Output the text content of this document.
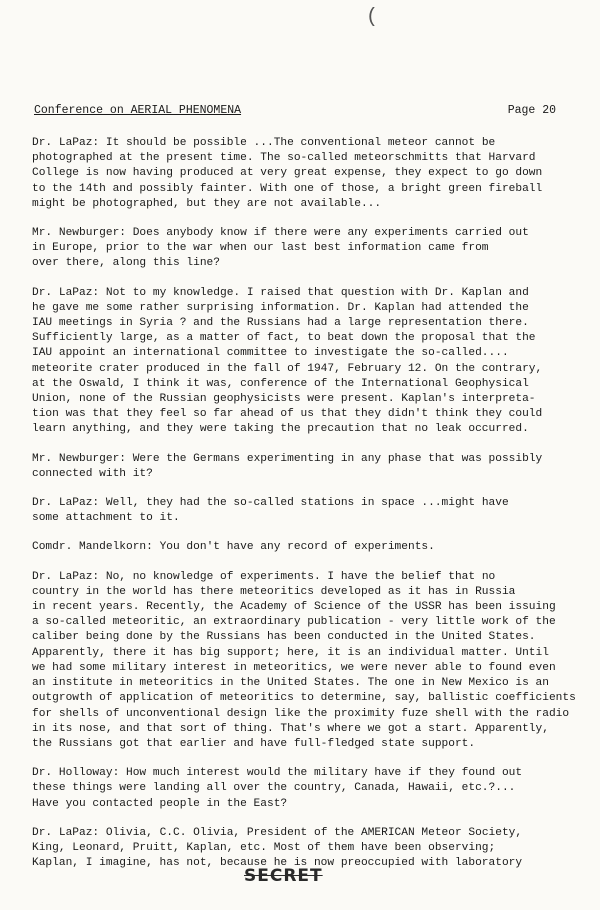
(
Conference on AERIAL PHENOMENA	Page 20
Dr. LaPaz: It should be possible ...The conventional meteor cannot be
photographed at the present time. The so-called meteorschmitts that Harvard
College is now having produced at very great expense, they expect to go down
to the 14th and possibly fainter. With one of those, a bright green fireball
might be photographed, but they are not available...
Mr. Newburger: Does anybody know if there were any experiments carried out
in Europe, prior to the war when our last best information came from
over there, along this line?
Dr. LaPaz: Not to my knowledge. I raised that question with Dr. Kaplan and
he gave me some rather surprising information. Dr. Kaplan had attended the
IAU meetings in Syria ? and the Russians had a large representation there.
Sufficiently large, as a matter of fact, to beat down the proposal that the
IAU appoint an international committee to investigate the so-called....
meteorite crater produced in the fall of 1947, February 12. On the contrary,
at the Oswald, I think it was, conference of the International Geophysical
Union, none of the Russian geophysicists were present. Kaplan's interpreta-
tion was that they feel so far ahead of us that they didn't think they could
learn anything, and they were taking the precaution that no leak occurred.
Mr. Newburger: Were the Germans experimenting in any phase that was possibly
connected with it?
Dr. LaPaz: Well, they had the so-called stations in space ...might have
some attachment to it.
Comdr. Mandelkorn: You don't have any record of experiments.
Dr. LaPaz: No, no knowledge of experiments. I have the belief that no
country in the world has there meteoritics developed as it has in Russia
in recent years. Recently, the Academy of Science of the USSR has been issuing
a so-called meteoritic, an extraordinary publication - very little work of the
caliber being done by the Russians has been conducted in the United States.
Apparently, there it has big support; here, it is an individual matter. Until
we had some military interest in meteoritics, we were never able to found even
an institute in meteoritics in the United States. The one in New Mexico is an
outgrowth of application of meteoritics to determine, say, ballistic coefficients
for shells of unconventional design like the proximity fuze shell with the radio
in its nose, and that sort of thing. That's where we got a start. Apparently,
the Russians got that earlier and have full-fledged state support.
Dr. Holloway: How much interest would the military have if they found out
these things were landing all over the country, Canada, Hawaii, etc.?...
Have you contacted people in the East?
Dr. LaPaz: Olivia, C.C. Olivia, President of the AMERICAN Meteor Society,
King, Leonard, Pruitt, Kaplan, etc. Most of them have been observing;
Kaplan, I imagine, has not, because he is now preoccupied with laboratory
SECRET
